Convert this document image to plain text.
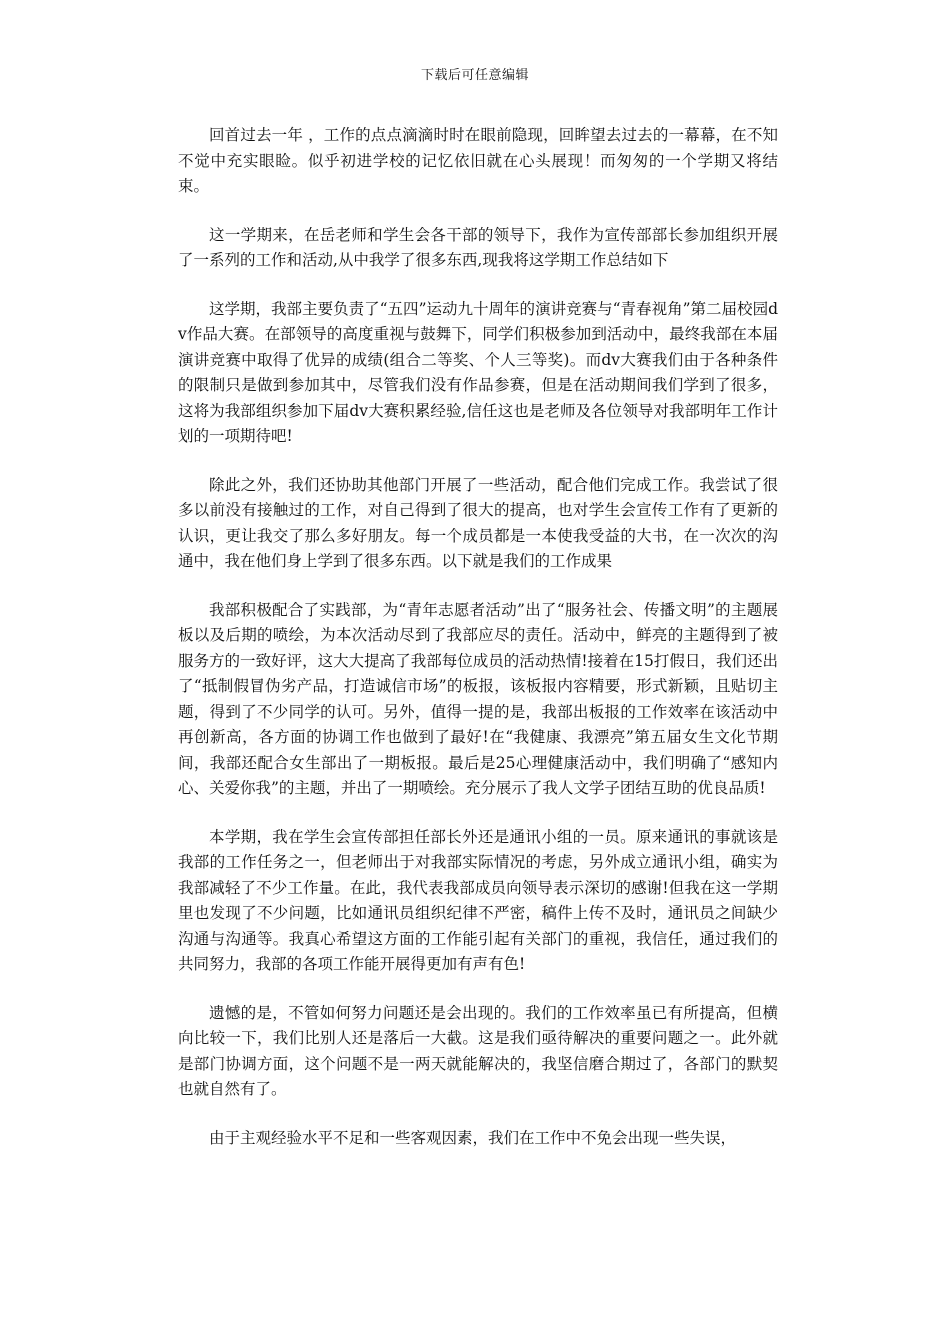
下载后可任意编辑

回首过去一年 ，工作的点点滴滴时时在眼前隐现，回眸望去过去的一幕幕，在不知不觉中充实眼睑。似乎初进学校的记忆依旧就在心头展现！而匆匆的一个学期又将结束。

这一学期来，在岳老师和学生会各干部的领导下，我作为宣传部部长参加组织开展了一系列的工作和活动,从中我学了很多东西,现我将这学期工作总结如下

这学期，我部主要负责了“五四”运动九十周年的演讲竞赛与“青春视角”第二届校园dv作品大赛。在部领导的高度重视与鼓舞下，同学们积极参加到活动中，最终我部在本届演讲竞赛中取得了优异的成绩(组合二等奖、个人三等奖)。而dv大赛我们由于各种条件的限制只是做到参加其中，尽管我们没有作品参赛，但是在活动期间我们学到了很多，这将为我部组织参加下届dv大赛积累经验,信任这也是老师及各位领导对我部明年工作计划的一项期待吧!

除此之外，我们还协助其他部门开展了一些活动，配合他们完成工作。我尝试了很多以前没有接触过的工作，对自己得到了很大的提高，也对学生会宣传工作有了更新的认识，更让我交了那么多好朋友。每一个成员都是一本使我受益的大书，在一次次的沟通中，我在他们身上学到了很多东西。以下就是我们的工作成果

我部积极配合了实践部，为“青年志愿者活动”出了“服务社会、传播文明”的主题展板以及后期的喷绘，为本次活动尽到了我部应尽的责任。活动中，鲜亮的主题得到了被服务方的一致好评，这大大提高了我部每位成员的活动热情!接着在15打假日，我们还出了“抵制假冒伪劣产品，打造诚信市场”的板报，该板报内容精要，形式新颖，且贴切主题，得到了不少同学的认可。另外，值得一提的是，我部出板报的工作效率在该活动中再创新高，各方面的协调工作也做到了最好!在“我健康、我漂亮”第五届女生文化节期间，我部还配合女生部出了一期板报。最后是25心理健康活动中，我们明确了“感知内心、关爱你我”的主题，并出了一期喷绘。充分展示了我人文学子团结互助的优良品质!

本学期，我在学生会宣传部担任部长外还是通讯小组的一员。原来通讯的事就该是我部的工作任务之一，但老师出于对我部实际情况的考虑，另外成立通讯小组，确实为我部减轻了不少工作量。在此，我代表我部成员向领导表示深切的感谢!但我在这一学期里也发现了不少问题，比如通讯员组织纪律不严密，稿件上传不及时，通讯员之间缺少沟通与沟通等。我真心希望这方面的工作能引起有关部门的重视，我信任，通过我们的共同努力，我部的各项工作能开展得更加有声有色!

遗憾的是，不管如何努力问题还是会出现的。我们的工作效率虽已有所提高，但横向比较一下，我们比别人还是落后一大截。这是我们亟待解决的重要问题之一。此外就是部门协调方面，这个问题不是一两天就能解决的，我坚信磨合期过了，各部门的默契也就自然有了。

由于主观经验水平不足和一些客观因素，我们在工作中不免会出现一些失误，
